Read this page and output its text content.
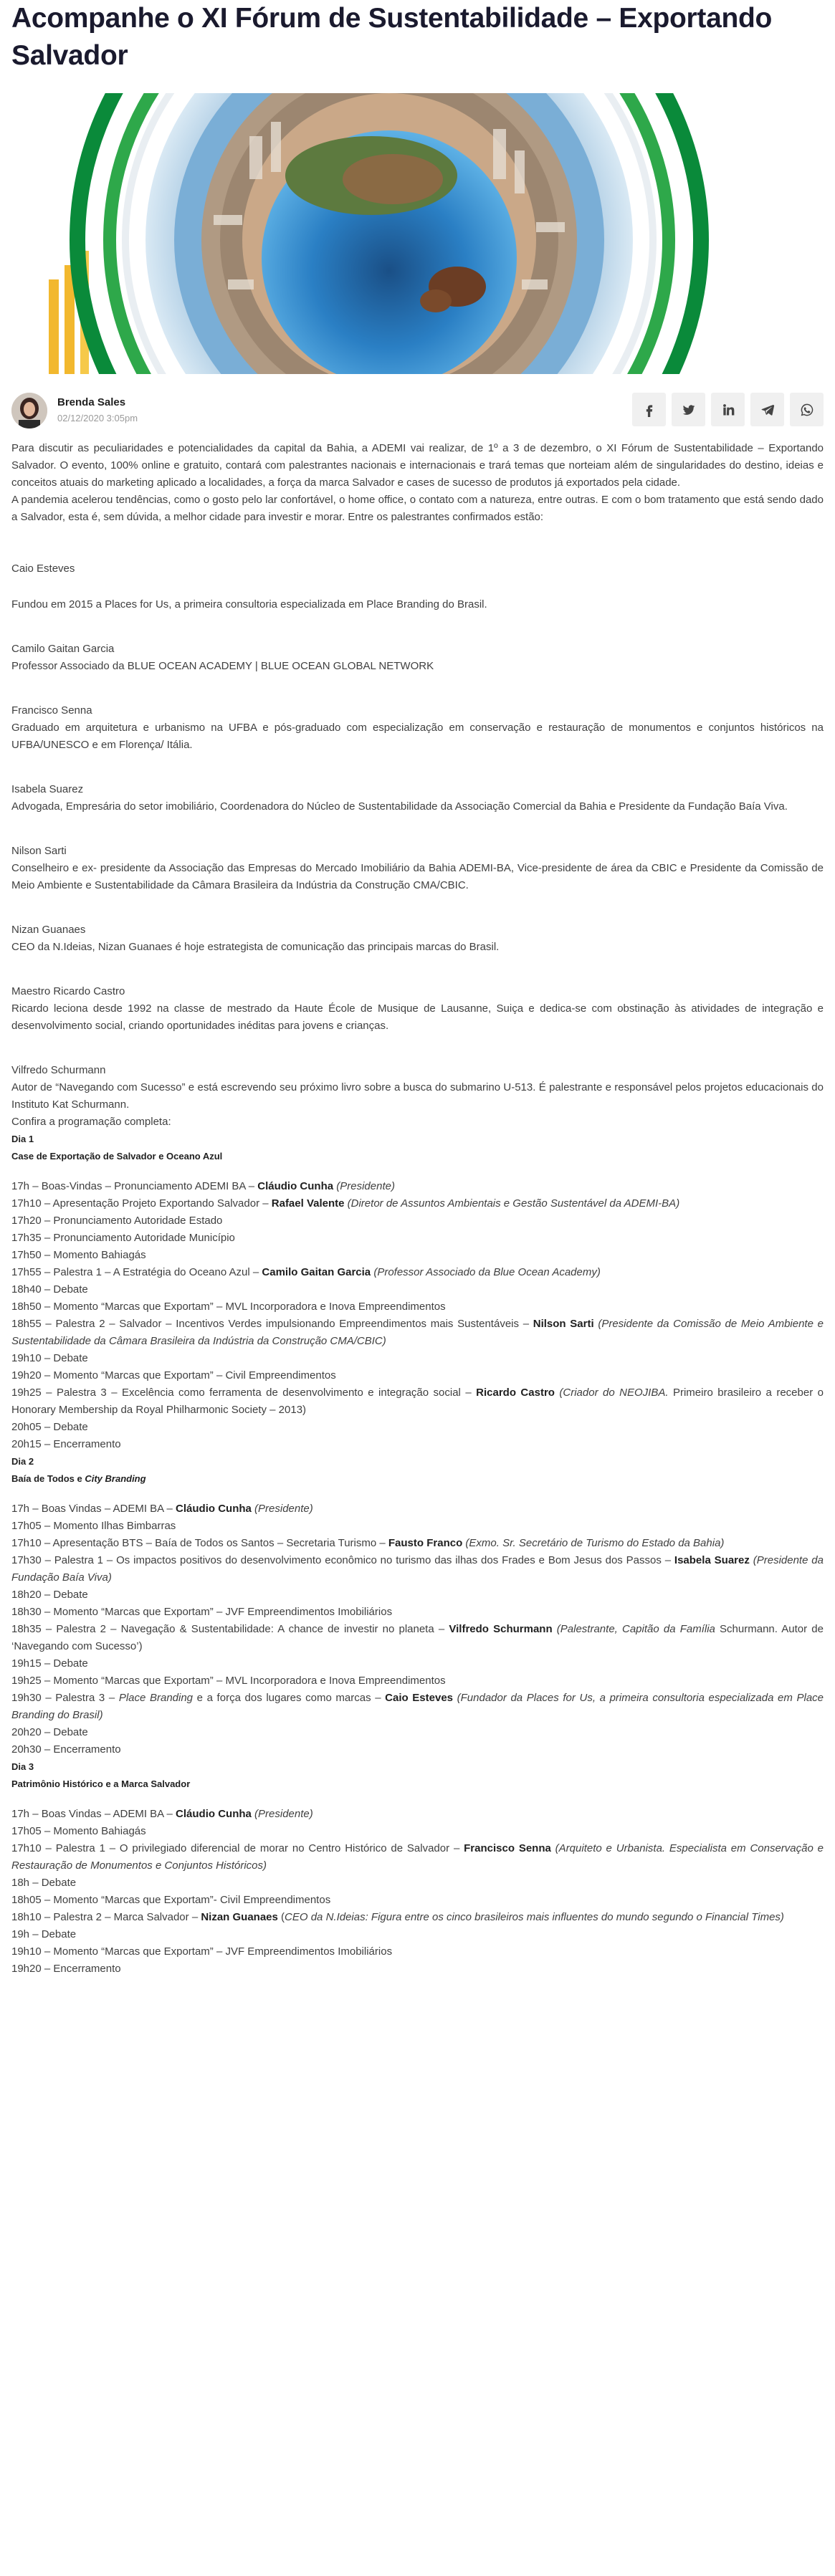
Acompanhe o XI Fórum de Sustentabilidade – Exportando Salvador
Brenda Sales
02/12/2020 3:05pm

Para discutir as peculiaridades e potencialidades da capital da Bahia, a ADEMI vai realizar, de 1º a 3 de dezembro, o XI Fórum de Sustentabilidade – Exportando Salvador. O evento, 100% online e gratuito, contará com palestrantes nacionais e internacionais e trará temas que norteiam além de singularidades do destino, ideias e conceitos atuais do marketing aplicado a localidades, a força da marca Salvador e cases de sucesso de produtos já exportados pela cidade.

A pandemia acelerou tendências, como o gosto pelo lar confortável, o home office, o contato com a natureza, entre outras. E com o bom tratamento que está sendo dado a Salvador, esta é, sem dúvida, a melhor cidade para investir e morar. Entre os palestrantes confirmados estão:

Caio Esteves

Fundou em 2015 a Places for Us, a primeira consultoria especializada em Place Branding do Brasil.

Camilo Gaitan Garcia

Professor Associado da BLUE OCEAN ACADEMY | BLUE OCEAN GLOBAL NETWORK

Francisco Senna

Graduado em arquitetura e urbanismo na UFBA e pós-graduado com especialização em conservação e restauração de monumentos e conjuntos históricos na UFBA/UNESCO e em Florença/ Itália.

Isabela Suarez

Advogada, Empresária do setor imobiliário, Coordenadora do Núcleo de Sustentabilidade da Associação Comercial da Bahia e Presidente da Fundação Baía Viva.

Nilson Sarti

Conselheiro e ex- presidente da Associação das Empresas do Mercado Imobiliário da Bahia ADEMI-BA, Vice-presidente de área da CBIC e Presidente da Comissão de Meio Ambiente e Sustentabilidade da Câmara Brasileira da Indústria da Construção CMA/CBIC.

Nizan Guanaes

CEO da N.Ideias, Nizan Guanaes é hoje estrategista de comunicação das principais marcas do Brasil.

Maestro Ricardo Castro

Ricardo leciona desde 1992 na classe de mestrado da Haute École de Musique de Lausanne, Suiça e dedica-se com obstinação às atividades de integração e desenvolvimento social, criando oportunidades inéditas para jovens e crianças.

Vilfredo Schurmann

Autor de “Navegando com Sucesso” e está escrevendo seu próximo livro sobre a busca do submarino U-513. É palestrante e responsável pelos projetos educacionais do Instituto Kat Schurmann.

Confira a programação completa:

Dia 1

Case de Exportação de Salvador e Oceano Azul

17h – Boas-Vindas – Pronunciamento ADEMI BA – Cláudio Cunha (Presidente)

17h10 – Apresentação Projeto Exportando Salvador – Rafael Valente (Diretor de Assuntos Ambientais e Gestão Sustentável da ADEMI-BA)

17h20 – Pronunciamento Autoridade Estado

17h35 – Pronunciamento Autoridade Município

17h50 – Momento Bahiagás

17h55 – Palestra 1 – A Estratégia do Oceano Azul – Camilo Gaitan Garcia (Professor Associado da Blue Ocean Academy)

18h40 – Debate

18h50 – Momento “Marcas que Exportam” – MVL Incorporadora e Inova Empreendimentos

18h55 – Palestra 2 – Salvador – Incentivos Verdes impulsionando Empreendimentos mais Sustentáveis – Nilson Sarti (Presidente da Comissão de Meio Ambiente e Sustentabilidade da Câmara Brasileira da Indústria da Construção CMA/CBIC)

19h10 – Debate

19h20 – Momento “Marcas que Exportam” – Civil Empreendimentos

19h25 – Palestra 3 – Excelência como ferramenta de desenvolvimento e integração social – Ricardo Castro (Criador do NEOJIBA. Primeiro brasileiro a receber o Honorary Membership da Royal Philharmonic Society – 2013)

20h05 – Debate

20h15 – Encerramento

Dia 2

Baía de Todos e City Branding

17h – Boas Vindas – ADEMI BA – Cláudio Cunha (Presidente)

17h05 – Momento Ilhas Bimbarras

17h10 – Apresentação BTS – Baía de Todos os Santos – Secretaria Turismo – Fausto Franco (Exmo. Sr. Secretário de Turismo do Estado da Bahia)

17h30 – Palestra 1 – Os impactos positivos do desenvolvimento econômico no turismo das ilhas dos Frades e Bom Jesus dos Passos – Isabela Suarez (Presidente da Fundação Baía Viva)

18h20 – Debate

18h30 – Momento “Marcas que Exportam” – JVF Empreendimentos Imobiliários

18h35 – Palestra 2 – Navegação & Sustentabilidade: A chance de investir no planeta – Vilfredo Schurmann (Palestrante, Capitão da Família Schurmann. Autor de ‘Navegando com Sucesso’)

19h15 – Debate

19h25 – Momento “Marcas que Exportam” – MVL Incorporadora e Inova Empreendimentos

19h30 – Palestra 3 – Place Branding e a força dos lugares como marcas – Caio Esteves (Fundador da Places for Us, a primeira consultoria especializada em Place Branding do Brasil)

20h20 – Debate

20h30 – Encerramento

Dia 3

Patrimônio Histórico e a Marca Salvador

17h – Boas Vindas – ADEMI BA – Cláudio Cunha (Presidente)

17h05 – Momento Bahiagás

17h10 – Palestra 1 – O privilegiado diferencial de morar no Centro Histórico de Salvador – Francisco Senna (Arquiteto e Urbanista. Especialista em Conservação e Restauração de Monumentos e Conjuntos Históricos)

18h – Debate

18h05 – Momento “Marcas que Exportam”- Civil Empreendimentos

18h10 – Palestra 2 – Marca Salvador – Nizan Guanaes (CEO da N.Ideias: Figura entre os cinco brasileiros mais influentes do mundo segundo o Financial Times)

19h – Debate

19h10 – Momento “Marcas que Exportam” – JVF Empreendimentos Imobiliários

19h20 – Encerramento
